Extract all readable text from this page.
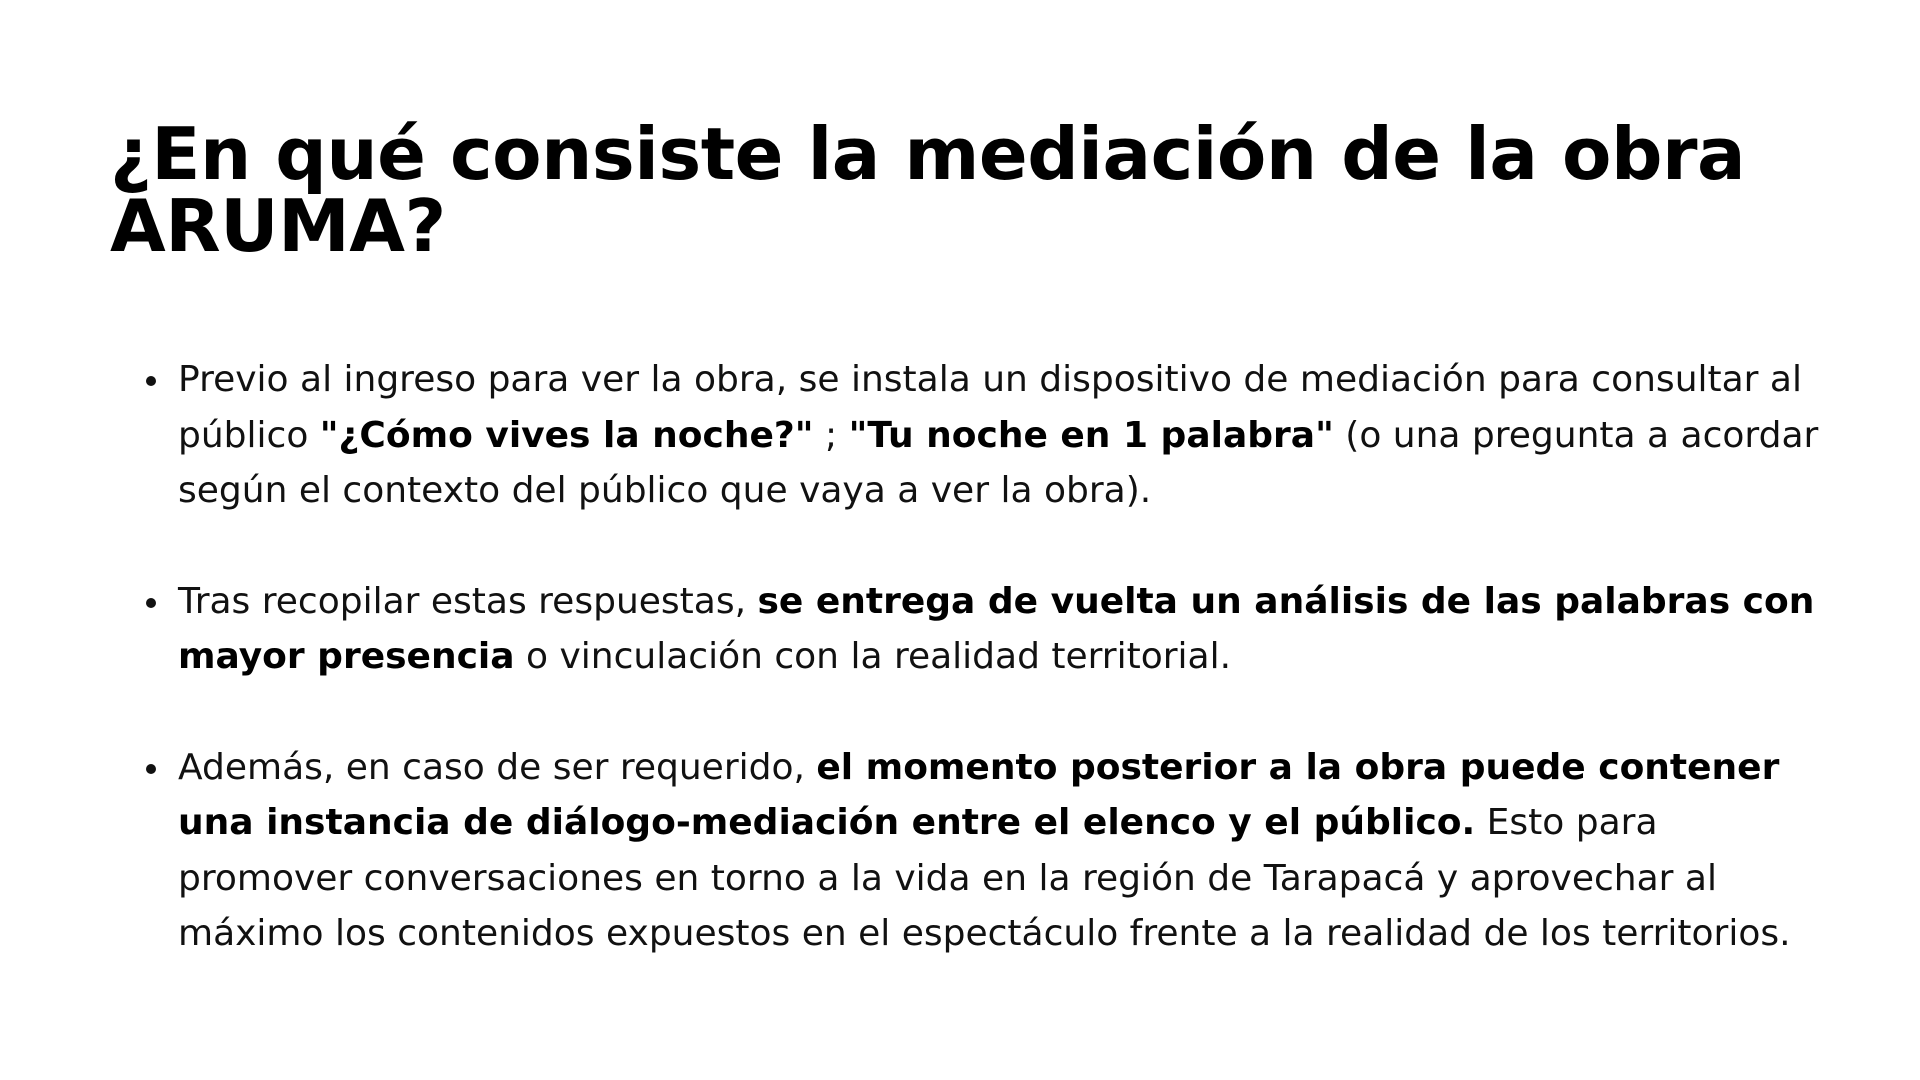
¿En qué consiste la mediación de la obra ARUMA?
Previo al ingreso para ver la obra, se instala un dispositivo de mediación para consultar al público "¿Cómo vives la noche?" ; "Tu noche en 1 palabra" (o una pregunta a acordar según el contexto del público que vaya a ver la obra).
Tras recopilar estas respuestas, se entrega de vuelta un análisis de las palabras con mayor presencia o vinculación con la realidad territorial.
Además, en caso de ser requerido, el momento posterior a la obra puede contener una instancia de diálogo-mediación entre el elenco y el público. Esto para promover conversaciones en torno a la vida en la región de Tarapacá y aprovechar al máximo los contenidos expuestos en el espectáculo frente a la realidad de los territorios.
